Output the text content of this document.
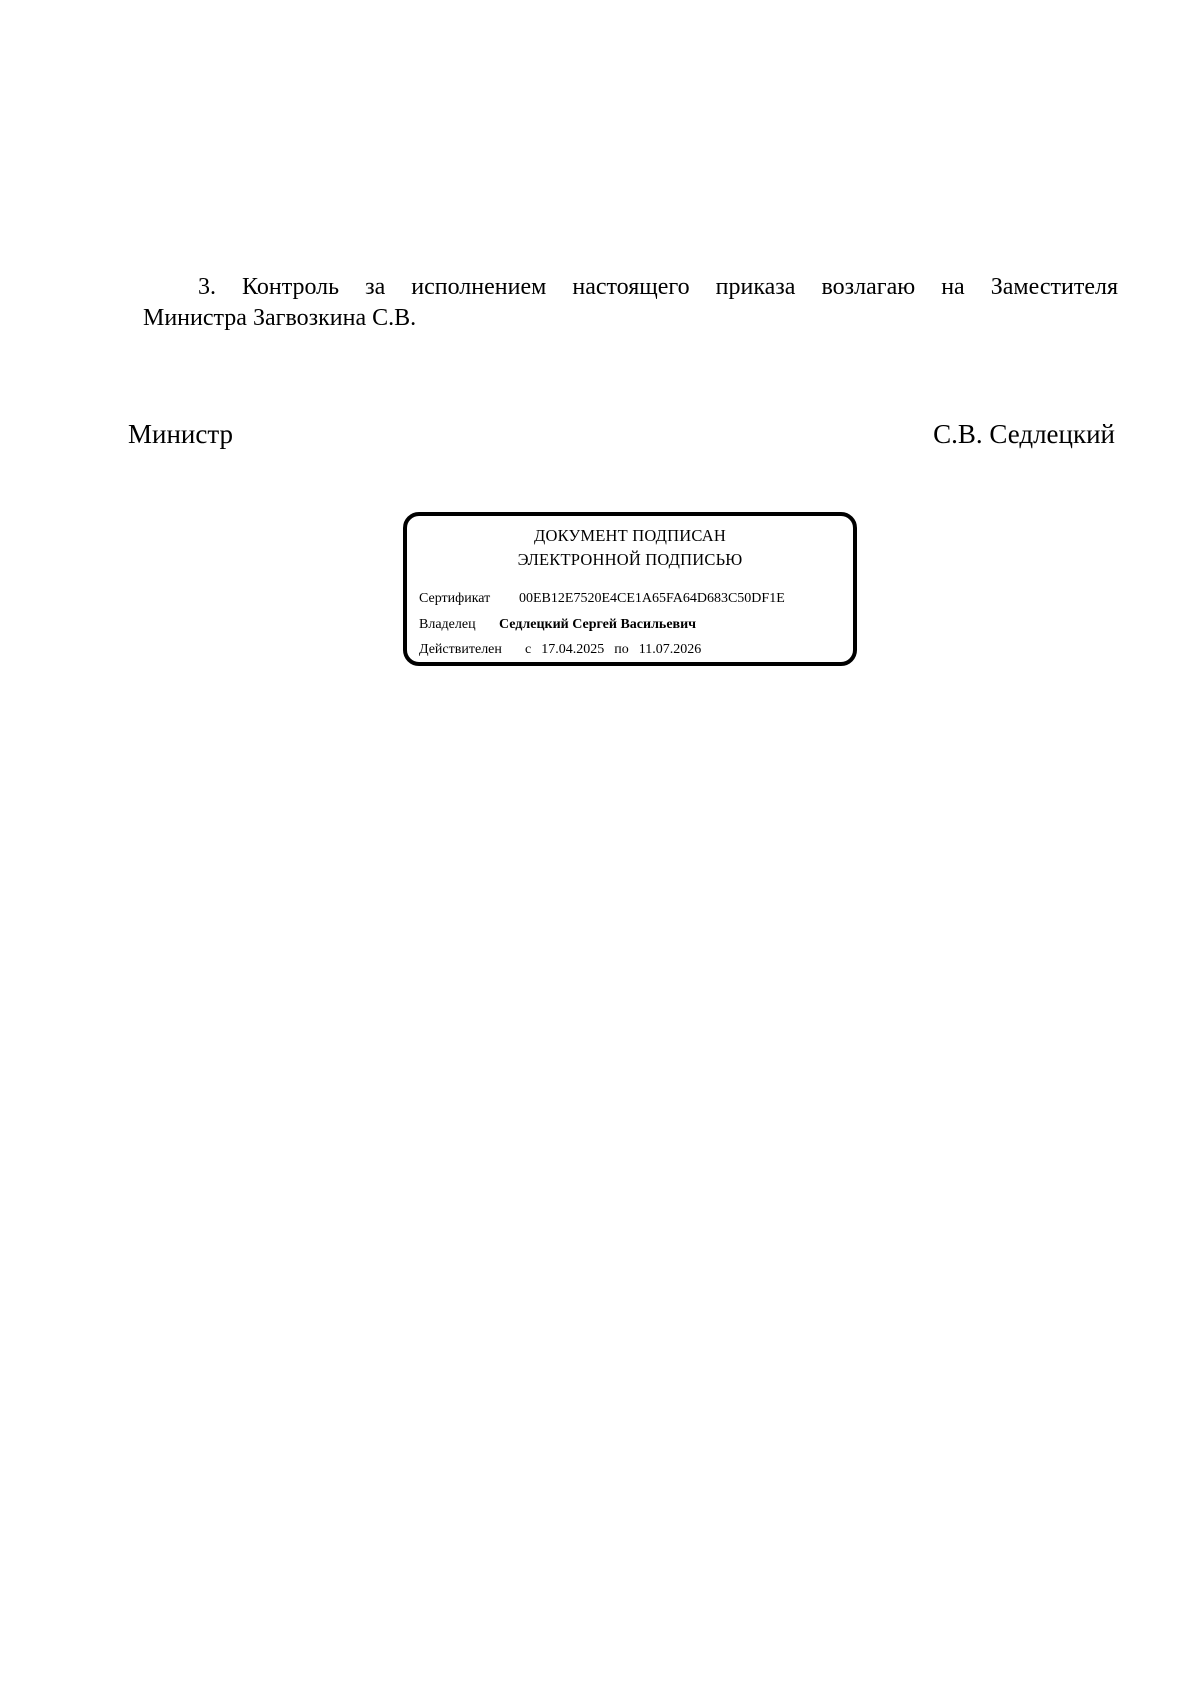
3. Контроль за исполнением настоящего приказа возлагаю на Заместителя
Министра Загвозкина С.В.
Министр	С.В. Седлецкий
ДОКУМЕНТ ПОДПИСАН
ЭЛЕКТРОННОЙ ПОДПИСЬЮ
Сертификат 00EB12E7520E4CE1A65FA64D683C50DF1E
Владелец Седлецкий Сергей Васильевич
Действителен с 17.04.2025 по 11.07.2026
